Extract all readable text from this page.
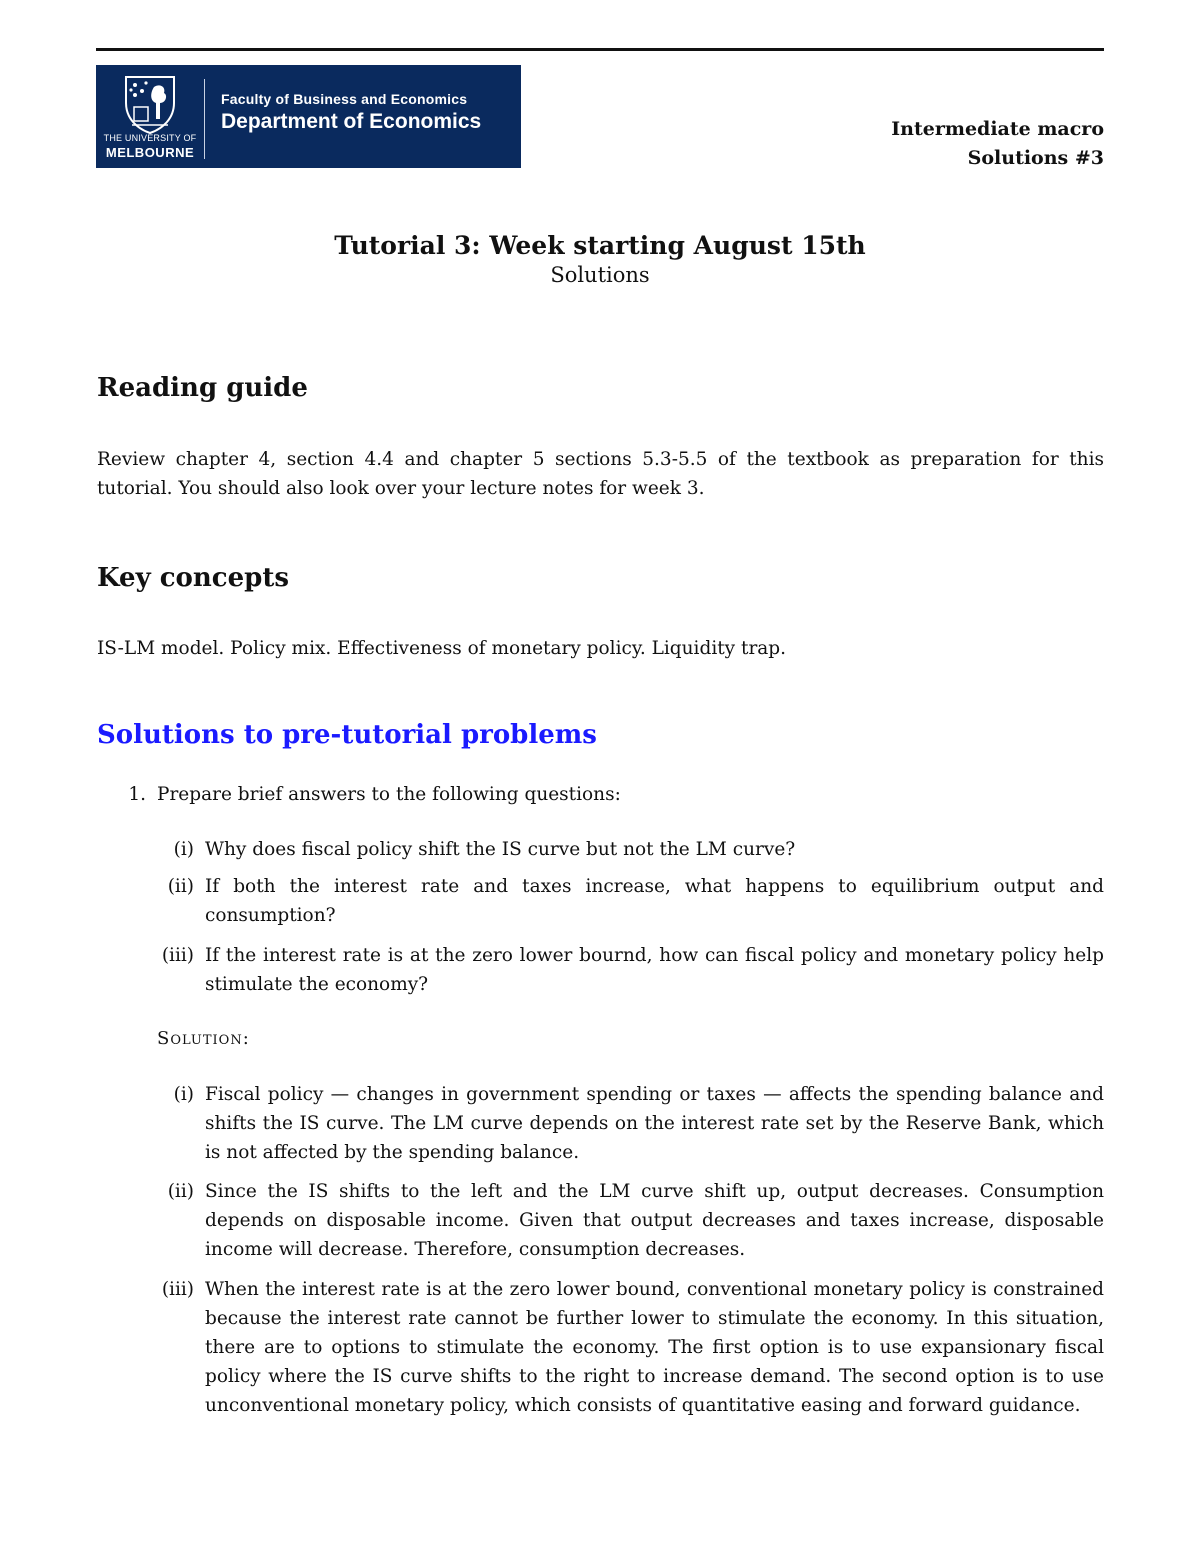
THE UNIVERSITY OF
MELBOURNE
Faculty of Business and Economics
Department of Economics	Intermediate macro
Solutions #3
Tutorial 3: Week starting August 15th
Solutions
Reading guide
Review chapter 4, section 4.4 and chapter 5 sections 5.3-5.5 of the textbook as preparation for this tutorial. You should also look over your lecture notes for week 3.
Key concepts
IS-LM model. Policy mix. Effectiveness of monetary policy. Liquidity trap.
Solutions to pre-tutorial problems
1. Prepare brief answers to the following questions:
(i) Why does fiscal policy shift the IS curve but not the LM curve?
(ii) If both the interest rate and taxes increase, what happens to equilibrium output and consumption?
(iii) If the interest rate is at the zero lower bournd, how can fiscal policy and monetary policy help stimulate the economy?
Solution:
(i) Fiscal policy — changes in government spending or taxes — affects the spending balance and shifts the IS curve. The LM curve depends on the interest rate set by the Reserve Bank, which is not affected by the spending balance.
(ii) Since the IS shifts to the left and the LM curve shift up, output decreases. Consumption depends on disposable income. Given that output decreases and taxes increase, disposable income will decrease. Therefore, consumption decreases.
(iii) When the interest rate is at the zero lower bound, conventional monetary policy is constrained because the interest rate cannot be further lower to stimulate the economy. In this situation, there are to options to stimulate the economy. The first option is to use expansionary fiscal policy where the IS curve shifts to the right to increase demand. The second option is to use unconventional monetary policy, which consists of quantitative easing and forward guidance.
